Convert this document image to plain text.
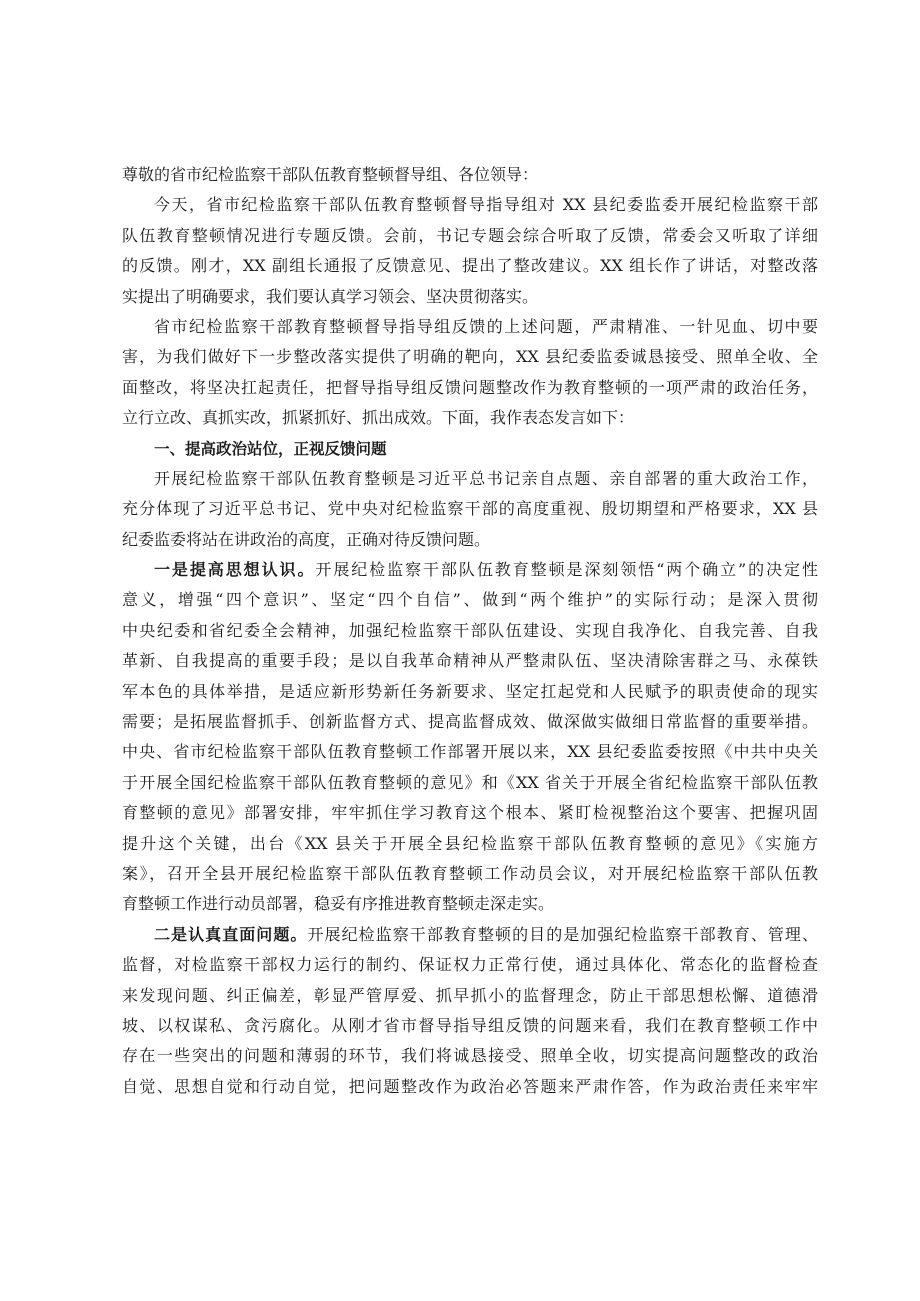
尊敬的省市纪检监察干部队伍教育整顿督导组、各位领导：
今天，省市纪检监察干部队伍教育整顿督导指导组对 XX 县纪委监委开展纪检监察干部
队伍教育整顿情况进行专题反馈。会前，书记专题会综合听取了反馈，常委会又听取了详细
的反馈。刚才，XX 副组长通报了反馈意见、提出了整改建议。XX 组长作了讲话，对整改落
实提出了明确要求，我们要认真学习领会、坚决贯彻落实。
省市纪检监察干部教育整顿督导指导组反馈的上述问题，严肃精准、一针见血、切中要
害，为我们做好下一步整改落实提供了明确的靶向，XX 县纪委监委诚恳接受、照单全收、全
面整改，将坚决扛起责任，把督导指导组反馈问题整改作为教育整顿的一项严肃的政治任务，
立行立改、真抓实改，抓紧抓好、抓出成效。下面，我作表态发言如下：
一、提高政治站位，正视反馈问题
开展纪检监察干部队伍教育整顿是习近平总书记亲自点题、亲自部署的重大政治工作，
充分体现了习近平总书记、党中央对纪检监察干部的高度重视、殷切期望和严格要求，XX 县
纪委监委将站在讲政治的高度，正确对待反馈问题。
一是提高思想认识。开展纪检监察干部队伍教育整顿是深刻领悟“两个确立”的决定性
意义，增强“四个意识”、坚定“四个自信”、做到“两个维护”的实际行动；是深入贯彻
中央纪委和省纪委全会精神，加强纪检监察干部队伍建设、实现自我净化、自我完善、自我
革新、自我提高的重要手段；是以自我革命精神从严整肃队伍、坚决清除害群之马、永葆铁
军本色的具体举措，是适应新形势新任务新要求、坚定扛起党和人民赋予的职责使命的现实
需要；是拓展监督抓手、创新监督方式、提高监督成效、做深做实做细日常监督的重要举措。
中央、省市纪检监察干部队伍教育整顿工作部署开展以来，XX 县纪委监委按照《中共中央关
于开展全国纪检监察干部队伍教育整顿的意见》和《XX 省关于开展全省纪检监察干部队伍教
育整顿的意见》部署安排，牢牢抓住学习教育这个根本、紧盯检视整治这个要害、把握巩固
提升这个关键，出台《XX 县关于开展全县纪检监察干部队伍教育整顿的意见》《实施方
案》，召开全县开展纪检监察干部队伍教育整顿工作动员会议，对开展纪检监察干部队伍教
育整顿工作进行动员部署，稳妥有序推进教育整顿走深走实。
二是认真直面问题。开展纪检监察干部教育整顿的目的是加强纪检监察干部教育、管理、
监督，对检监察干部权力运行的制约、保证权力正常行使，通过具体化、常态化的监督检查
来发现问题、纠正偏差，彰显严管厚爱、抓早抓小的监督理念，防止干部思想松懈、道德滑
坡、以权谋私、贪污腐化。从刚才省市督导指导组反馈的问题来看，我们在教育整顿工作中
存在一些突出的问题和薄弱的环节，我们将诚恳接受、照单全收，切实提高问题整改的政治
自觉、思想自觉和行动自觉，把问题整改作为政治必答题来严肃作答，作为政治责任来牢牢
